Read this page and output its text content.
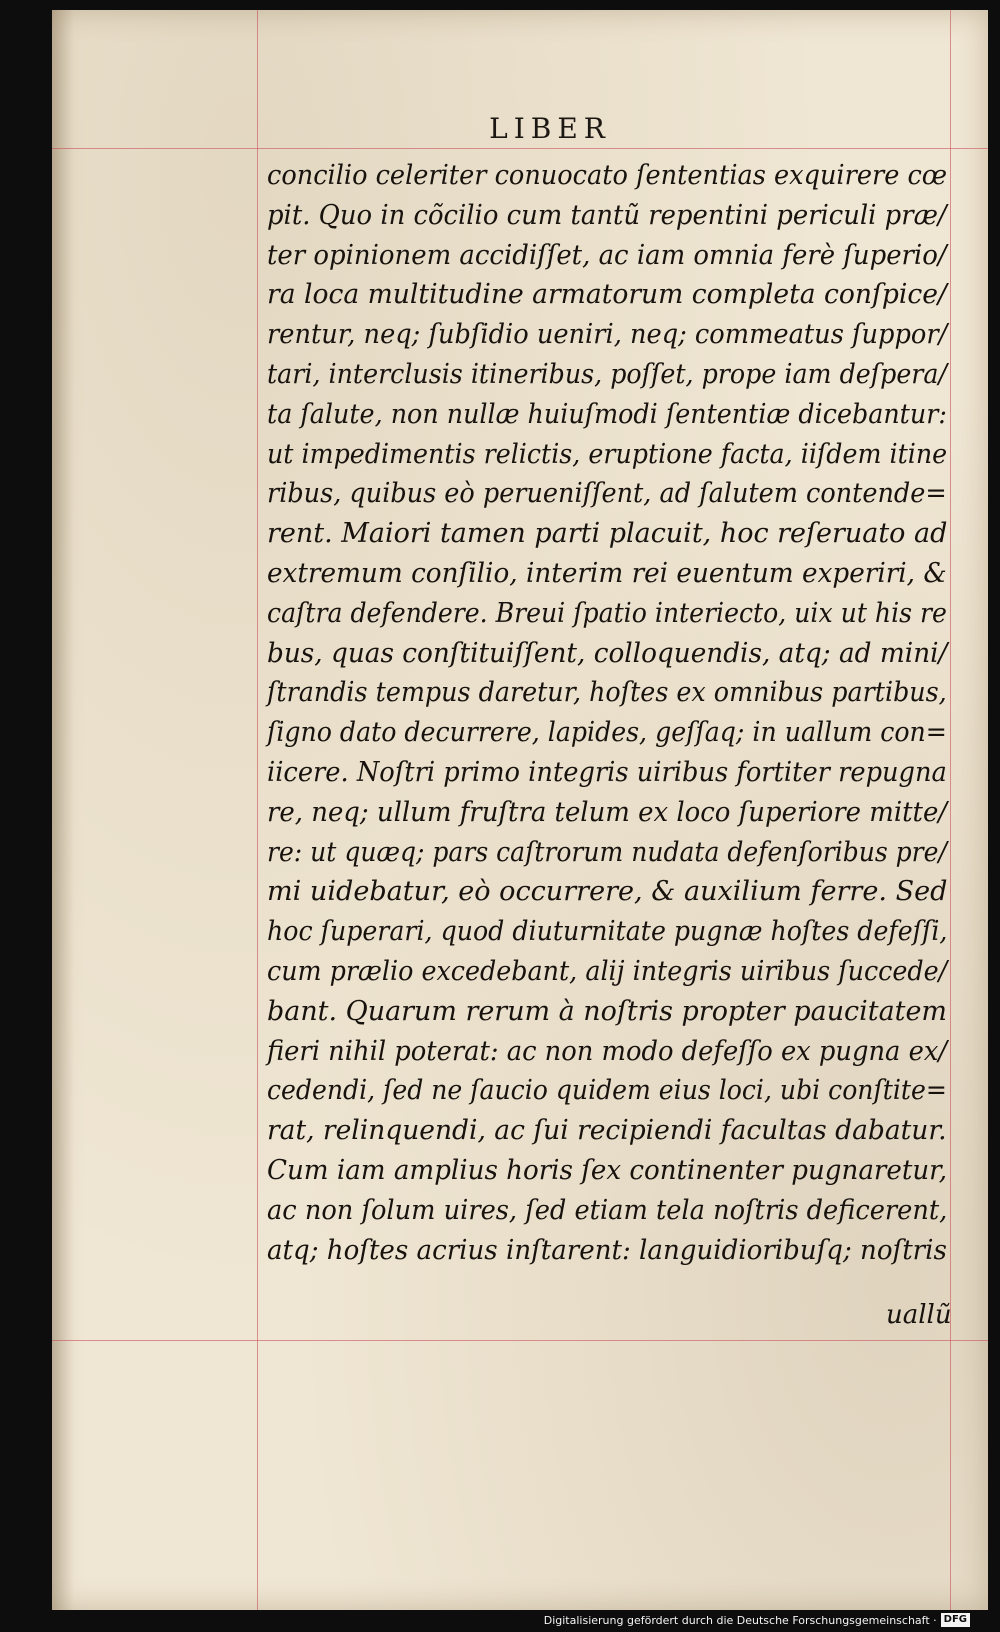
LIBER
concilio celeriter conuocato ſententias exquirere cœ
pit. Quo in cõcilio cum tantũ repentini periculi præ/
ter opinionem accidiſſet, ac iam omnia ferè ſuperio/
ra loca multitudine armatorum completa conſpice/
rentur, neq; ſubſidio ueniri, neq; commeatus ſuppor/
tari, interclusis itineribus, poſſet, prope iam deſpera/
ta ſalute, non nullæ huiuſmodi ſententiæ dicebantur:
ut impedimentis relictis, eruptione facta, iiſdem itine
ribus, quibus eò perueniſſent, ad ſalutem contende=
rent. Maiori tamen parti placuit, hoc reſeruato ad
extremum conſilio, interim rei euentum experiri, &
caſtra defendere. Breui ſpatio interiecto, uix ut his re
bus, quas conſtituiſſent, colloquendis, atq; ad mini/
ſtrandis tempus daretur, hoſtes ex omnibus partibus,
ſigno dato decurrere, lapides, geſſaq; in uallum con=
iicere. Noſtri primo integris uiribus fortiter repugna
re, neq; ullum fruſtra telum ex loco ſuperiore mitte/
re: ut quæq; pars caſtrorum nudata defenſoribus pre/
mi uidebatur, eò occurrere, & auxilium ferre. Sed
hoc ſuperari, quod diuturnitate pugnæ hoſtes defeſſi,
cum prælio excedebant, alij integris uiribus ſuccede/
bant. Quarum rerum à noſtris propter paucitatem
fieri nihil poterat: ac non modo defeſſo ex pugna ex/
cedendi, ſed ne ſaucio quidem eius loci, ubi conſtite=
rat, relinquendi, ac ſui recipiendi facultas dabatur.
Cum iam amplius horis ſex continenter pugnaretur,
ac non ſolum uires, ſed etiam tela noſtris deficerent,
atq; hoſtes acrius inſtarent: languidioribuſq; noſtris
uallũ
Digitalisierung gefördert durch die Deutsche Forschungsgemeinschaft · DFG
